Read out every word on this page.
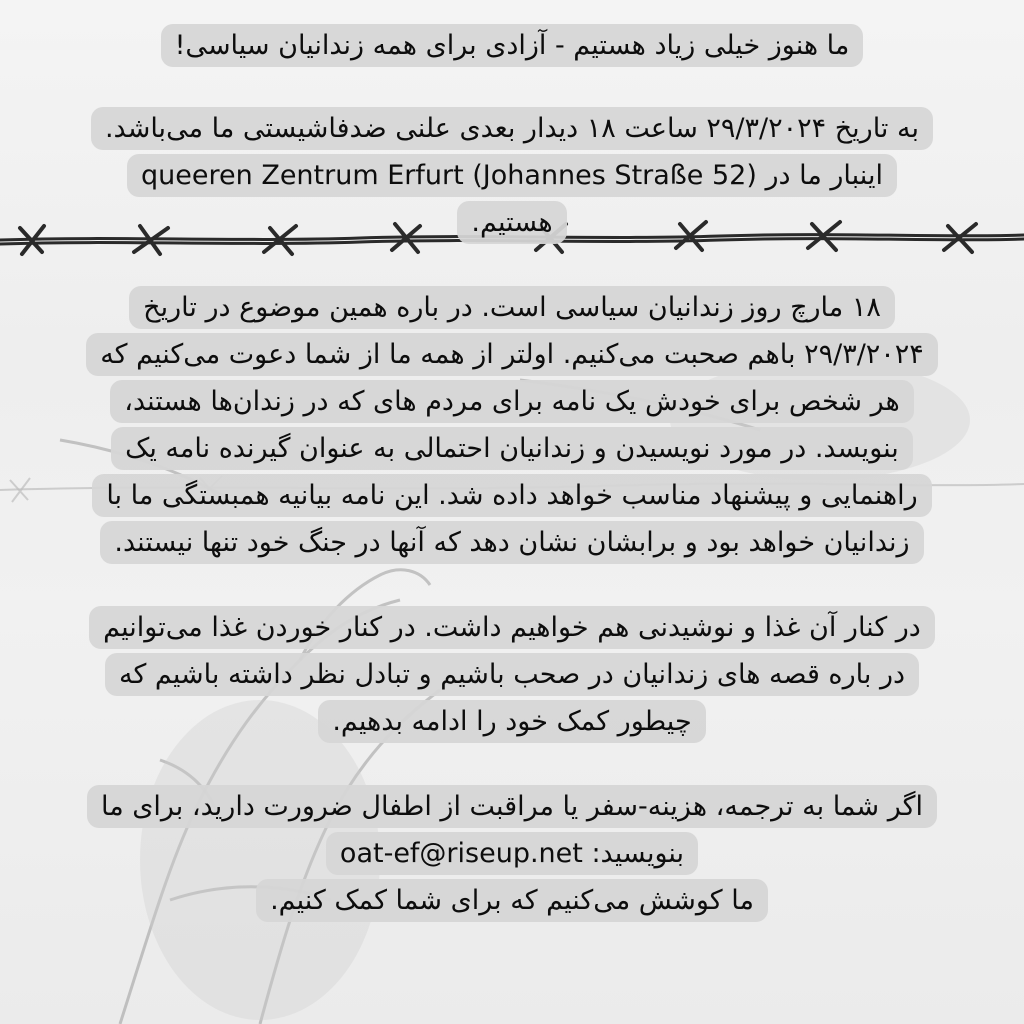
ما هنوز خیلی زیاد هستیم - آزادی برای همه زندانیان سیاسی!
به تاریخ ۲۹/۳/۲۰۲۴ ساعت ۱۸ دیدار بعدی علنی ضدفاشیستی ما می‌باشد.
اینبار ما در queeren Zentrum Erfurt (Johannes Straße 52)
هستیم.
۱۸ مارچ روز زندانیان سیاسی است. در باره همین موضوع در تاریخ
۲۹/۳/۲۰۲۴ باهم صحبت می‌کنیم. اولتر از همه ما از شما دعوت می‌کنیم که
هر شخص برای خودش یک نامه برای مردم های که در زندان‌ها هستند،
بنویسد. در مورد نویسیدن و زندانیان احتمالی به عنوان گیرنده نامه یک
راهنمایی و پیشنهاد مناسب خواهد داده شد. این نامه بیانیه همبستگی ما با
زندانیان خواهد بود و برابشان نشان دهد که آنها در جنگ خود تنها نیستند.
در کنار آن غذا و نوشیدنی هم خواهیم داشت. در کنار خوردن غذا می‌توانیم
در باره قصه های زندانیان در صحب باشیم و تبادل نظر داشته باشیم که
چیطور کمک خود را ادامه بدهیم.
اگر شما به ترجمه، هزینه-سفر یا مراقبت از اطفال ضرورت دارید، برای ما
بنویسید: oat-ef@riseup.net
ما کوشش می‌کنیم که برای شما کمک کنیم.
